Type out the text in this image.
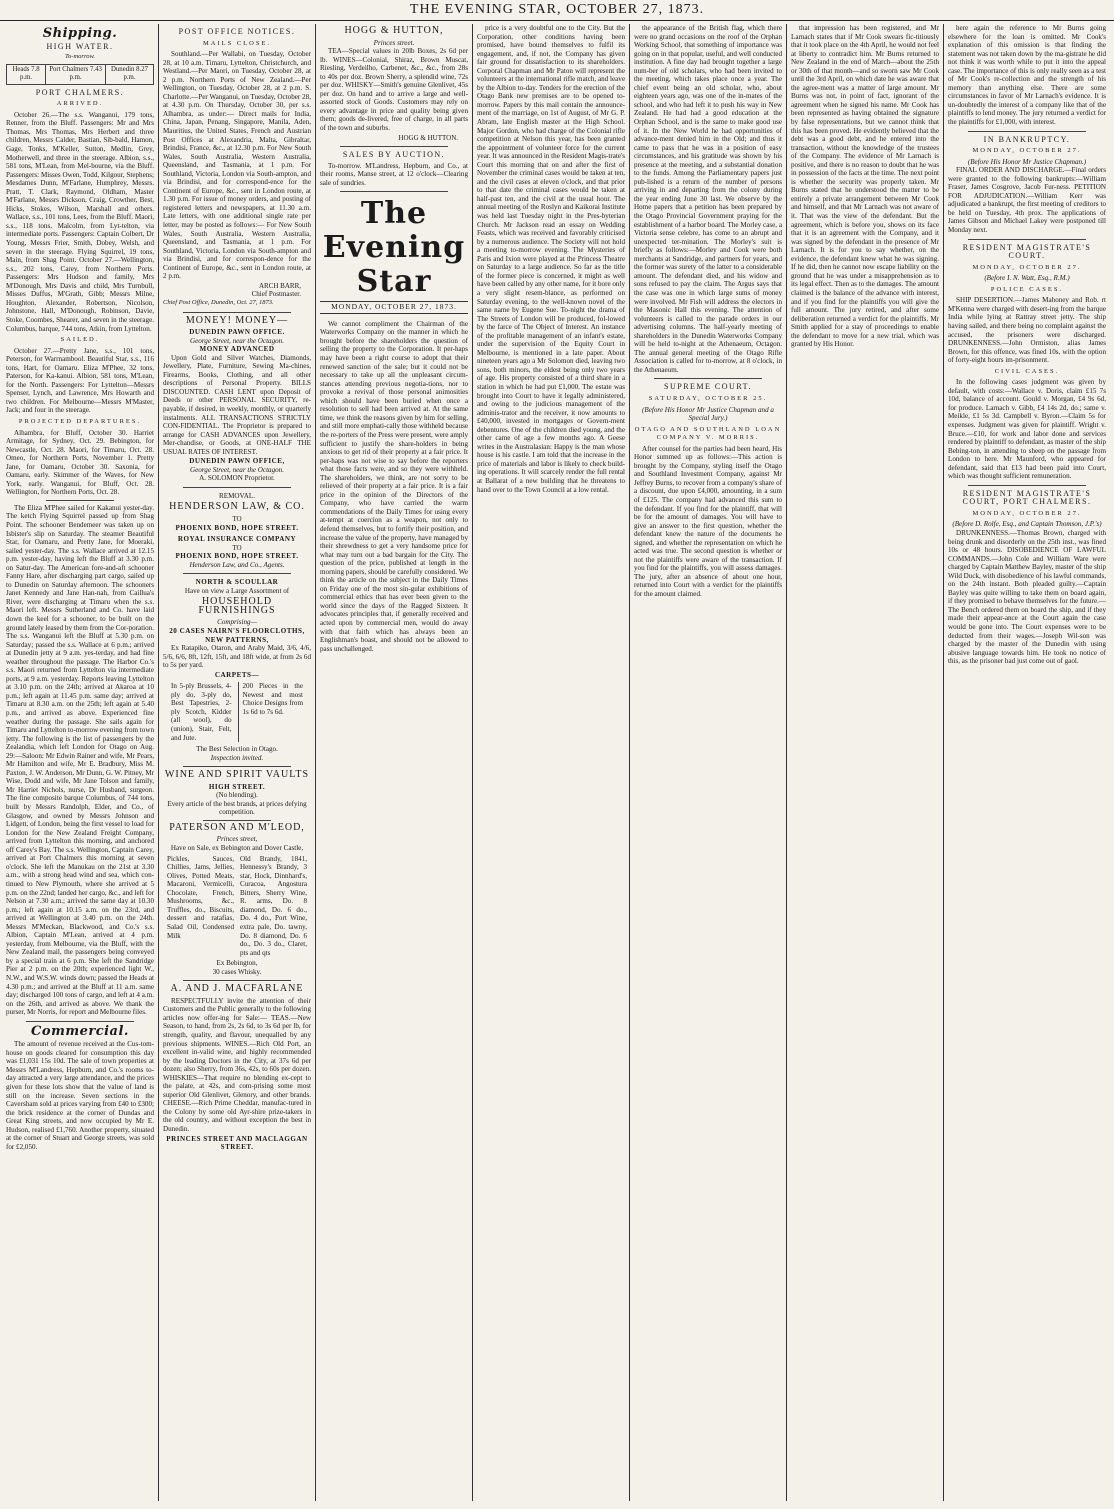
THE EVENING STAR, OCTOBER 27, 1873.
Shipping.
HIGH WATER.
To-morrow.
Heads 7.8 p.m.	Port Chalmers 7.43 p.m.	Dunedin 8.27 p.m.
PORT CHALMERS.
ARRIVED.

October 26.—The s.s. Wanganui, 179 tons, Renner, from the Bluff. Passengers: Mr and Mrs Thomas, Mrs Thomas, Mrs Herbert and three children, Messrs Calder, Bastian, Sib-bald, Hamon, Gage, Tonks, M'Keller, Sutton, Medlin, Grey, Motherwell, and three in the steerage. Albion, s.s., 581 tons, M'Lean, from Mel-bourne, via the Bluff. Passengers: Misses Owen, Todd, Kilgour, Stephens; Mesdames Dunn, M'Farlane, Humphrey, Messrs. Pratt, T. Clark, Raymond, Oldham, Master M'Farlane, Messrs Dickson, Craig, Crowther, Best, Hicks, Stokes, Wilson, Marshall and others. Wallace, s.s., 101 tons, Lees, from the Bluff. Maori, s.s., 118 tons, Malcolm, from Lyt-telton, via intermediate ports. Passengers: Captain Colbert, Dr Young, Messrs Frier, Smith, Dobey, Welsh, and seven in the steerage. Flying Squirrel, 19 tons, Main, from Shag Point. October 27.—Wellington, s.s., 202 tons, Carey, from Northern Ports. Passengers: Mrs Hudson and family, Mrs M'Donough, Mrs Davis and child, Mrs Turnbull, Misses Duffus, M'Grath, Gibb; Messrs Milne, Houghton, Alexander, Robertson, Nicolson, Johnstone, Hall, M'Donough, Robinson, Davie, Stoke, Coombes, Shearer, and seven in the steerage. Columbus, barque, 744 tons, Atkin, from Lyttelton.

SAILED.

October 27.—Pretty Jane, s.s., 101 tons, Peterson, for Warrnambool. Beautiful Star, s.s., 116 tons, Hart, for Oamaru. Eliza M'Phee, 32 tons, Paterson, for Ka-kanui. Albion, 581 tons, M'Lean, for the North. Passengers: For Lyttelton—Messrs Spenser, Lynch, and Lawrence, Mrs Howarth and two children. For Melbourne—Messrs M'Master, Jack; and four in the steerage.

PROJECTED DEPARTURES.

Alhambra, for Bluff, October 30. Harriet Armitage, for Sydney, Oct. 29. Bebington, for Newcastle, Oct. 28. Maori, for Timaru, Oct. 28. Omeo, for Northern Ports, November 1. Pretty Jane, for Oamaru, October 30. Saxonia, for Oamaru, early. Skimmer of the Waves, for New York, early. Wanganui, for Bluff, Oct. 28. Wellington, for Northern Ports, Oct. 28.

The Eliza M'Phee sailed for Kakanui yester-day. The ketch Flying Squirrel passed up from Shag Point. The schooner Bendemeer was taken up on Isbister's slip on Saturday. The steamer Beautiful Star, for Oamaru, and Pretty Jane, for Moeraki, sailed yester-day. The s.s. Wallace arrived at 12.15 p.m. yester-day, having left the Bluff at 3.30 p.m. on Satur-day. The American fore-and-aft schooner Fanny Hare, after discharging part cargo, sailed up to Dunedin on Saturday afternoon. The schooners Janet Kennedy and Jane Han-nah, from Caillua's River, were discharging at Timaru when the s.s. Maori left. Messrs Sutherland and Co. have laid down the keel for a schooner, to be built on the ground lately leased by them from the Cor-poration. The s.s. Wanganui left the Bluff at 5.30 p.m. on Saturday; passed the s.s. Wallace at 6 p.m.; arrived at Dunedin jetty at 9 a.m. yes-terday, and had fine weather throughout the passage. The Harbor Co.'s s.s. Maori returned from Lyttelton via intermediate ports, at 9 a.m. yesterday. Reports leaving Lyttelton at 3.10 p.m. on the 24th; arrived at Akaroa at 10 p.m.; left again at 11.45 p.m. same day; arrived at Timaru at 8.30 a.m. on the 25th; left again at 5.40 p.m., and arrived as above. Experienced fine weather during the passage. She sails again for Timaru and Lyttelton to-morrow evening from town jetty. The following is the list of passengers by the Zealandia, which left London for Otago on Aug. 29:—Saloon: Mr Edwin Rainer and wife, Mr Pears, Mr Hamilton and wife, Mr E. Bradbury, Miss M. Paxton, J. W. Anderson, Mr Dunn, G. W. Pitney, Mr Wise, Dodd and wife, Mr Jane Tolson and family, Mr Harriet Nichols, nurse, Dr Husband, surgeon. The fine composite barque Columbus, of 744 tons, built by Messrs Randolph, Elder, and Co., of Glasgow, and owned by Messrs Johnson and Lidgett, of London, being the first vessel to load for London for the New Zealand Freight Company, arrived from Lyttelton this morning, and anchored off Carey's Bay. The s.s. Wellington, Captain Carey, arrived at Port Chalmers this morning at seven o'clock. She left the Manukau on the 21st at 3.30 a.m., with a strong head wind and sea, which con-tinued to New Plymouth, where she arrived at 5 p.m. on the 22nd; landed her cargo, &c., and left for Nelson at 7.30 a.m.; arrived the same day at 10.30 p.m.; left again at 10.15 a.m. on the 23rd, and arrived at Wellington at 3.40 p.m. on the 24th. Messrs M'Meckan, Blackwood, and Co.'s s.s. Albion, Captain M'Lean, arrived at 4 p.m. yesterday, from Melbourne, via the Bluff, with the New Zealand mail, the passengers being conveyed by a special train at 6 p.m. She left the Sandridge Pier at 2 p.m. on the 20th; experienced light W., N.W., and W.S.W. winds down; passed the Heads at 4.30 p.m.; and arrived at the Bluff at 11 a.m. same day; discharged 100 tons of cargo, and left at 4 a.m. on the 26th, and arrived as above. We thank the purser, Mr Norris, for report and Melbourne files.

Commercial.

The amount of revenue received at the Cus-tom-house on goods cleared for consumption this day was £1,031 15s 10d. The sale of town properties at Messrs M'Landress, Hepburn, and Co.'s rooms to-day attracted a very large attendance, and the prices given for these lots show that the value of land is still on the increase. Seven sections in the Caversham sold at prices varying from £40 to £300; the brick residence at the corner of Dundas and Great King streets, and now occupied by Mr E. Hudson, realised £1,760. Another property, situated at the corner of Stuart and George streets, was sold for £2,050.

POST OFFICE NOTICES.
MAILS CLOSE.

Southland.—Per Wallabi, on Tuesday, October 28, at 10 a.m. Timaru, Lyttelton, Christchurch, and Westland.—Per Maori, on Tuesday, October 28, at 2 p.m. Northern Ports of New Zealand.—Per Wellington, on Tuesday, October 28, at 2 p.m. S. Charlotte.—Per Wanganui, on Tuesday, October 28, at 4.30 p.m. On Thursday, October 30, per s.s. Alhambra, as under:— Direct mails for India, China, Japan, Penang, Singapore, Manila, Aden, Mauritius, the United States, French and Austrian Post Offices at Alexandria, Malta, Gibraltar, Brindisi, France, &c., at 12.30 p.m. For New South Wales, South Australia, Western Australia, Queensland, and Tasmania, at 1 p.m. For Southland, Victoria, London via South-ampton, and via Brindisi, and for correspond-ence for the Continent of Europe, &c., sent in London route, at 1.30 p.m. For issue of money orders, and posting of registered letters and newspapers, at 11.30 a.m. Late letters, with one additional single rate per letter, may be posted as follows:— For New South Wales, South Australia, Western Australia, Queensland, and Tasmania, at 1 p.m. For Southland, Victoria, London via South-ampton and via Brindisi, and for correspon-dence for the Continent of Europe, &c., sent in London route, at 2 p.m.

ARCH BARR,
Chief Postmaster.
Chief Post Office, Dunedin, Oct. 27, 1873.
MONEY! MONEY—
DUNEDIN PAWN OFFICE.
George Street, near the Octagon.
MONEY ADVANCED

Upon Gold and Silver Watches, Diamonds, Jewellery, Plate, Furniture, Sewing Ma-chines, Firearms, Books, Clothing, and all other descriptions of Personal Property. BILLS DISCOUNTED. CASH LENT upon Deposit of Deeds or other PERSONAL SECURITY, re-payable, if desired, in weekly, monthly, or quarterly instalments. ALL TRANSACTIONS STRICTLY CON-FIDENTIAL. The Proprietor is prepared to arrange for CASH ADVANCES upon Jewellery, Mer-chandise, or Goods, at ONE-HALF THE USUAL RATES OF INTEREST.

DUNEDIN PAWN OFFICE,
George Street, near the Octagon.
A. SOLOMON Proprietor.
REMOVAL.
HENDERSON LAW, & CO.
TO
PHOENIX BOND, HOPE STREET.
ROYAL INSURANCE COMPANY
TO
PHOENIX BOND, HOPE STREET.
Henderson Law, and Co., Agents.
NORTH & SCOULLAR
Have on view a Large Assortment of
HOUSEHOLD FURNISHINGS
Comprising—
20 CASES NAIRN'S FLOORCLOTHS, NEW PATTERNS,

Ex Ratapiko, Otaron, and Araby Maid, 3/6, 4/6, 5/6, 6/6, 8ft, 12ft, 15ft, and 18ft wide, at from 2s 6d to 5s per yard.

CARPETS—
In 5-ply Brussels, 4-ply do, 3-ply do, Best Tapestries, 2-ply Scotch, Kidder (all wool), do (union), Stair, Felt, and Jute.
200 Pieces in the Newest and most Choice Designs from 1s 6d to 7s 6d.
The Best Selection in Otago.
Inspection invited.
WINE AND SPIRIT VAULTS
HIGH STREET.
(No blending).
Every article of the best brands, at prices defying competition.
PATERSON AND M'LEOD,
Princes street,
Have on Sale, ex Bebington and Dover Castle,
Pickles, Sauces, Chillies, Jams, Jellies, Olives, Potted Meats, Macaroni, Vermicelli, Chocolate, French, Mushrooms, &c., Truffles, do., Biscuits, dessert and ratafias, Salad Oil, Condensed Milk
Old Brandy, 1841, Hennessy's Brandy, 3 star, Hock, Dinnhard's, Curacoa, Angostura Bitters, Sherry Wine, R. arms, Do. 8 diamond, Do. 6 do., Do. 4 do., Port Wine, extra pale, Do. tawny, Do. 8 diamond, Do. 6 do., Do. 3 do., Claret, pts and qts
Ex Bebington,
30 cases Whisky.
A. AND J. MACFARLANE

RESPECTFULLY invite the attention of their Customers and the Public generally to the following articles now offer-ing for Sale:— TEAS.—New Season, to hand, from 2s, 2s 6d, to 3s 6d per lb, for strength, quality, and flavour, unequalled by any previous shipments. WINES.—Rich Old Port, an excellent in-valid wine, and highly recommended by the leading Doctors in the City, at 37s 6d per dozen; also Sherry, from 36s, 42s, to 60s per dozen. WHISKIES—That require no blending ex-cept to the palate, at 42s, and com-prising some most superior Old Glenlivet, Glenory, and other brands. CHEESE.—Rich Prime Cheddar, manufac-tured in the Colony by some old Ayr-shire prize-takers in the old country, and without exception the best in Dunedin.

PRINCES STREET AND MACLAGGAN STREET.
HOGG & HUTTON,
Princes street.

TEA—Special values in 20lb Boxes, 2s 6d per lb. WINES—Colonial, Shiraz, Brown Muscat, Riesling, Verdeilho, Carbenet, &c., &c., from 28s to 40s per doz. Brown Sherry, a splendid wine, 72s per doz. WHISKY—Smith's genuine Glenlivet, 45s per doz. On hand and to arrive a large and well-assorted stock of Goods. Customers may rely on every advantage in price and quality being given them; goods de-livered, free of charge, in all parts of the town and suburbs.

HOGG & HUTTON.
SALES BY AUCTION.

To-morrow. M'Landress, Hepburn, and Co., at their rooms, Manse street, at 12 o'clock—Clearing sale of sundries.

The Evening Star
MONDAY, OCTOBER 27, 1873.

We cannot compliment the Chairman of the Waterworks Company on the manner in which he brought before the shareholders the question of selling the property to the Corporation. It per-haps may have been a right course to adopt that their renewed sanction of the sale; but it could not be necessary to take up all the unpleasant circum-stances attending previous negotia-tions, nor to provoke a revival of those personal animosities which should have been buried when once a resolution to sell had been arrived at. At the same time, we think the reasons given by him for selling, and still more emphati-cally those withheld because the re-porters of the Press were present, were amply sufficient to justify the share-holders in being anxious to get rid of their property at a fair price. It per-haps was not wise to say before the reporters what those facts were, and so they were withheld. The shareholders, we think, are not sorry to be relieved of their property at a fair price. It is a fair price in the opinion of the Directors of the Company, who have carried the warm commendations of the Daily Times for using every at-tempt at coercion as a weapon, not only to defend themselves, but to fortify their position, and increase the value of the property, have managed by their shrewdness to get a very handsome price for what may turn out a bad bargain for the City. The question of the price, published at length in the morning papers, should be carefully considered. We think the article on the subject in the Daily Times on Friday one of the most sin-gular exhibitions of commercial ethics that has ever been given to the world since the days of the Ragged Sixteen. It advocates principles that, if generally received and acted upon by commercial men, would do away with that faith which has always been an Englishman's boast, and should not be allowed to pass unchallenged.

price is a very doubtful one to the City. But the Corporation, other conditions having been promised, have bound themselves to fulfil its engagement, and, if not, the Company has given fair ground for dissatisfaction to its shareholders. Corporal Chapman and Mr Paton will represent the volunteers at the international rifle match, and leave by the Albion to-day. Tenders for the erection of the Otago Bank new premises are to be opened to-morrow. Papers by this mail contain the announce-ment of the marriage, on 1st of August, of Mr G. P. Abram, late English master at the High School. Major Gordon, who had charge of the Colonial rifle competition at Nelson this year, has been granted the appointment of volunteer force for the current year. It was announced in the Resident Magis-trate's Court this morning that on and after the first of November the criminal cases would be taken at ten, and the civil cases at eleven o'clock, and that prior to that date the criminal cases would be taken at half-past ten, and the civil at the usual hour. The annual meeting of the Roslyn and Kaikorai Institute was held last Tuesday night in the Pres-byterian Church. Mr Jackson read an essay on Wedding Feasts, which was received and favorably criticised by a numerous audience. The Society will not hold a meeting to-morrow evening. The Mysteries of Paris and Ixion were played at the Princess Theatre on Saturday to a large audience. So far as the title of the former piece is concerned, it might as well have been called by any other name, for it bore only a very slight resem-blance, as performed on Saturday evening, to the well-known novel of the same name by Eugene Sue. To-night the drama of The Streets of London will be produced, fol-lowed by the farce of The Object of Interest. An instance of the profitable management of an infant's estate, under the supervision of the Equity Court in Melbourne, is mentioned in a late paper. About nineteen years ago a Mr Solomon died, leaving two sons, both minors, the eldest being only two years of age. His property consisted of a third share in a station in which he had put £1,000. The estate was brought into Court to have it legally administered, and owing to the judicious management of the adminis-trator and the receiver, it now amounts to £40,000, invested in mortgages or Govern-ment debentures. One of the children died young, and the other came of age a few months ago. A Geese writes in the Australasian: Happy is the man whose house is his castle. I am told that the increase in the price of materials and labor is likely to check build-ing operations. It will scarcely render the full rental at Ballarat of a new building that he threatens to hand over to the Town Council at a low rental.

the appearance of the British flag, which there were no grand occasions on the roof of the Orphan Working School, that something of importance was going on in that popular, useful, and well conducted institution. A fine day had brought together a large num-ber of old scholars, who had been invited to the meeting, which takes place once a year. The chief event being an old scholar, who, about eighteen years ago, was one of the in-mates of the school, and who had left it to push his way in New Zealand. He had had a good education at the Orphan School, and is the same to make good use of it. In the New World he had opportunities of advance-ment denied him in the Old; and thus it came to pass that he was in a position of easy circumstances, and his gratitude was shown by his presence at the meeting, and a substantial donation to the funds. Among the Parliamentary papers just pub-lished is a return of the number of persons arriving in and departing from the colony during the year ending June 30 last. We observe by the Home papers that a petition has been prepared by the Otago Provincial Government praying for the establishment of a harbor board. The Morley case, a Victoria sense celebre, has come to an abrupt and unexpected ter-mination. The Morley's suit is briefly as follows:—Morley and Cook were both merchants at Sandridge, and partners for years, and the former was surety of the latter to a considerable amount. The defendant died, and his widow and sons refused to pay the claim. The Argus says that the case was one in which large sums of money were involved. Mr Fish will address the electors in the Masonic Hall this evening. The attention of volunteers is called to the parade orders in our advertising columns. The half-yearly meeting of shareholders in the Dunedin Waterworks Company will be held to-night at the Athenaeum, Octagon. The annual general meeting of the Otago Rifle Association is called for to-morrow, at 8 o'clock, in the Athenaeum.

SUPREME COURT.
SATURDAY, OCTOBER 25.
(Before His Honor Mr Justice Chapman and a Special Jury.)
OTAGO AND SOUTHLAND LOAN COMPANY V. MORRIS.

After counsel for the parties had been heard, His Honor summed up as follows:—This action is brought by the Company, styling itself the Otago and Southland Investment Company, against Mr Jeffrey Burns, to recover from a company's share of a discount, due upon £4,000, amounting, in a sum of £125. The company had advanced this sum to the defendant. If you find for the plaintiff, that will be for the amount of damages. You will have to give an answer to the first question, whether the defendant knew the nature of the documents he signed, and whether the representation on which he acted was true. The second question is whether or not the plaintiffs were aware of the transaction. If you find for the plaintiffs, you will assess damages. The jury, after an absence of about one hour, returned into Court with a verdict for the plaintiffs for the amount claimed.

that impression has been registered, and Mr Larnach states that if Mr Cook swears fic-titiously that it took place on the 4th April, he would not feel at liberty to contradict him. Mr Burns returned to New Zealand in the end of March—about the 25th or 30th of that month—and so sworn saw Mr Cook until the 3rd April, on which date he was aware that the agree-ment was a matter of large amount. Mr Burns was not, in point of fact, ignorant of the agreement when he signed his name. Mr Cook has been represented as having obtained the signature by false representations, but we cannot think that this has been proved. He evidently believed that the debt was a good debt, and he entered into the transaction, without the knowledge of the trustees of the Company. The evidence of Mr Larnach is positive, and there is no reason to doubt that he was in possession of the facts at the time. The next point is whether the security was properly taken. Mr Burns stated that he understood the matter to be entirely a private arrangement between Mr Cook and himself, and that Mr Larnach was not aware of it. That was the view of the defendant. But the agreement, which is before you, shows on its face that it is an agreement with the Company, and it was signed by the defendant in the presence of Mr Larnach. It is for you to say whether, on the evidence, the defendant knew what he was signing. If he did, then he cannot now escape liability on the ground that he was under a misapprehension as to its legal effect. Then as to the damages. The amount claimed is the balance of the advance with interest, and if you find for the plaintiffs you will give the full amount. The jury retired, and after some deliberation returned a verdict for the plaintiffs. Mr Smith applied for a stay of proceedings to enable the defendant to move for a new trial, which was granted by His Honor.

here again the reference to Mr Burns going elsewhere for the loan is omitted. Mr Cook's explanation of this omission is that finding the statement was not taken down by the ma-gistrate he did not think it was worth while to put it into the appeal case. The importance of this is only really seen as a test of Mr Cook's re-collection and the strength of his memory than anything else. There are some circumstances in favor of Mr Larnach's evidence. It is un-doubtedly the interest of a company like that of the plaintiffs to lend money. The jury returned a verdict for the plaintiffs for £1,000, with interest.

IN BANKRUPTCY.
MONDAY, OCTOBER 27.
(Before His Honor Mr Justice Chapman.)

FINAL ORDER AND DISCHARGE.—Final orders were granted to the following bankrupts:—William Fraser, James Cosgrove, Jacob Fur-ness. PETITION FOR ADJUDICATION.—William Kerr was adjudicated a bankrupt, the first meeting of creditors to be held on Tuesday, 4th prox. The applications of James Gibson and Michael Lakey were postponed till Monday next.

RESIDENT MAGISTRATE'S COURT.
MONDAY, OCTOBER 27.
(Before I. N. Watt, Esq., R.M.)
POLICE CASES.

SHIP DESERTION.—James Mahoney and Rob. rt M'Kenna were charged with desert-ing from the barque India while lying at Rattray street jetty. The ship having sailed, and there being no complaint against the accused, the prisoners were discharged. DRUNKENNESS.—John Ormiston, alias James Brown, for this offence, was fined 10s, with the option of forty-eight hours im-prisonment.

CIVIL CASES.

In the following cases judgment was given by default, with costs:—Wallace v. Doris, claim £15 7s 10d, balance of account. Gould v. Morgan, £4 9s 6d, for produce. Larnach v. Gibb, £4 14s 2d, do.; same v. Meikle, £1 5s 3d. Campbell v. Byron.—Claim 5s for expenses. Judgment was given for plaintiff. Wright v. Bruce.—£10, for work and labor done and services rendered by plaintiff to defendant, as master of the ship Bebing-ton, in attending to sheep on the passage from London to here. Mr Maunford, who appeared for defendant, said that £13 had been paid into Court, which was thought sufficient remuneration.

RESIDENT MAGISTRATE'S COURT, PORT CHALMERS.
MONDAY, OCTOBER 27.
(Before D. Rolfe, Esq., and Captain Thomson, J.P.'s)

DRUNKENNESS.—Thomas Brown, charged with being drunk and disorderly on the 25th inst., was fined 10s or 48 hours. DISOBEDIENCE OF LAWFUL COMMANDS.—John Cole and William Ware were charged by Captain Matthew Bayley, master of the ship Wild Duck, with disobedience of his lawful commands, on the 24th instant. Both pleaded guilty.—Captain Bayley was quite willing to take them on board again, if they promised to behave themselves for the future.—The Bench ordered them on board the ship, and if they made their appear-ance at the Court again the case would be gone into. The Court expenses were to be deducted from their wages.—Joseph Wil-son was charged by the master of the Dunedin with using abusive language towards him. He took no notice of this, as the prisoner had just come out of gaol.
